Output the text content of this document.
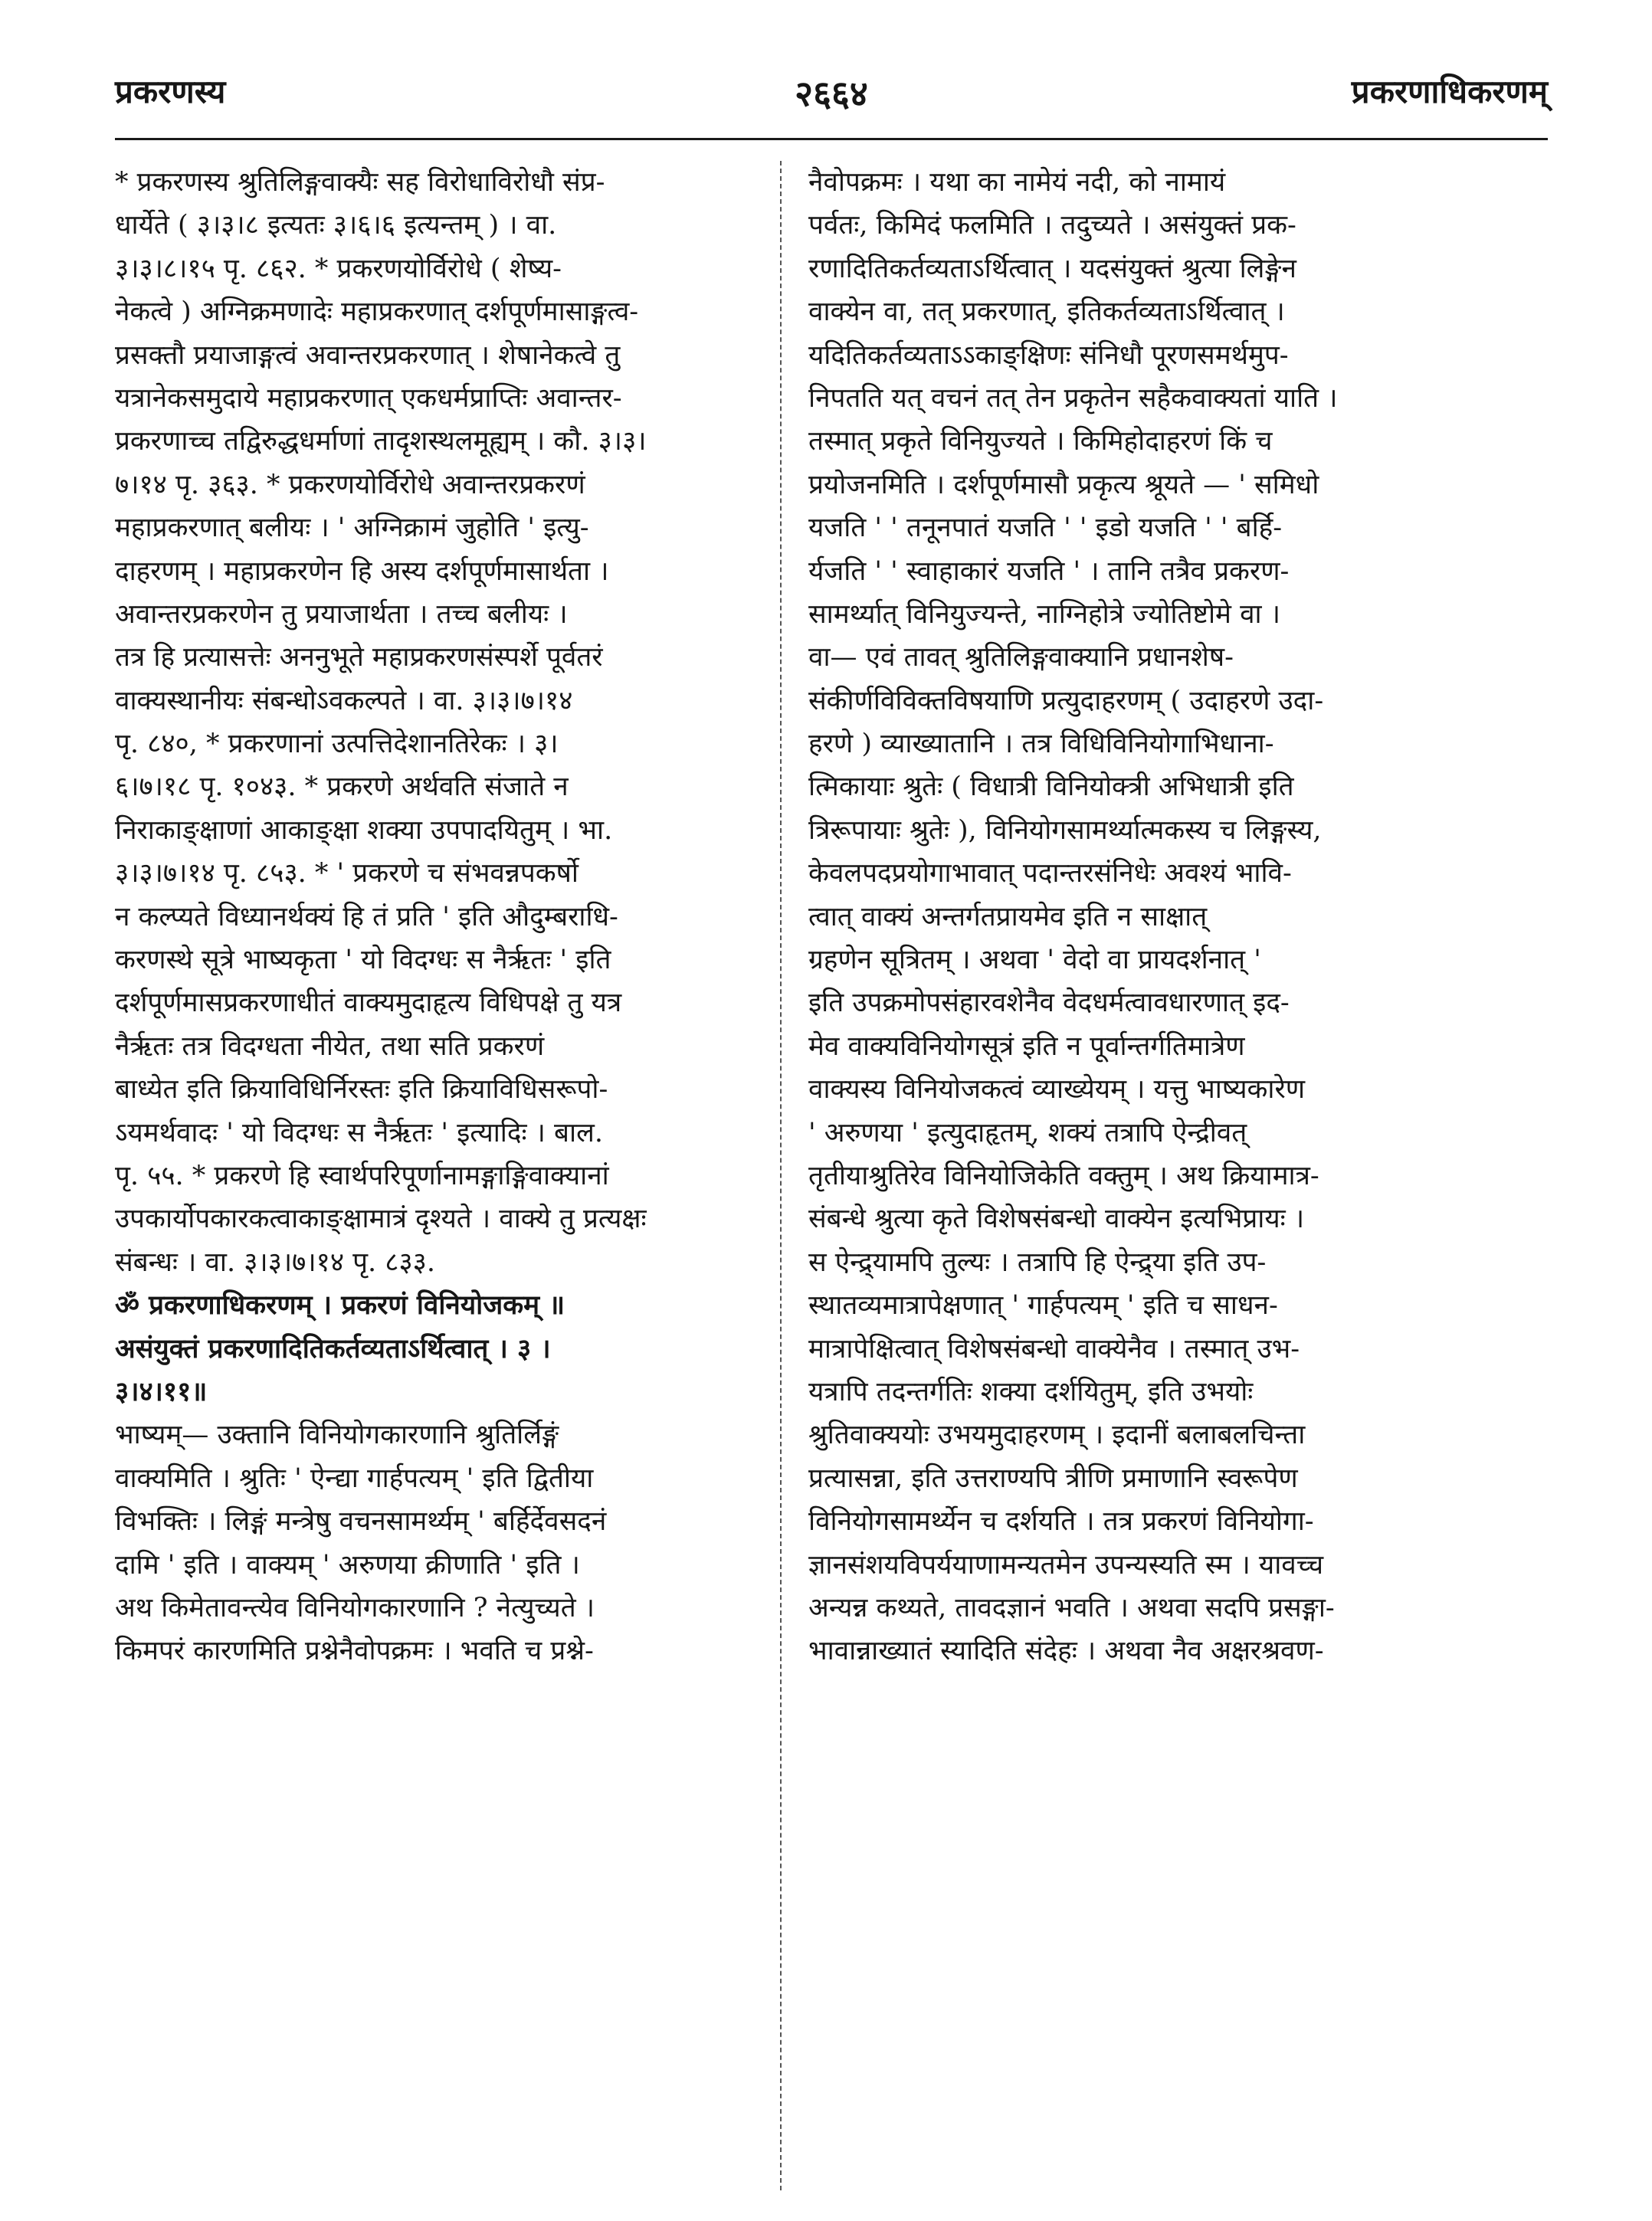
प्रकरणस्य	२६६४	प्रकरणाधिकरणम्
* प्रकरणस्य श्रुतिलिङ्गवाक्यैः सह विरोधाविरोधौ संप्र-
धार्येते ( ३।३।८ इत्यतः ३।६।६ इत्यन्तम् ) । वा.
३।३।८।१५ पृ. ८६२. * प्रकरणयोर्विरोधे ( शेष्य-
नेकत्वे ) अग्निक्रमणादेः महाप्रकरणात् दर्शपूर्णमासाङ्गत्व-
प्रसक्तौ प्रयाजाङ्गत्वं अवान्तरप्रकरणात् । शेषानेकत्वे तु
यत्रानेकसमुदाये महाप्रकरणात् एकधर्मप्राप्तिः अवान्तर-
प्रकरणाच्च तद्विरुद्धधर्माणां तादृशस्थलमूह्यम् । कौ. ३।३।
७।१४ पृ. ३६३. * प्रकरणयोर्विरोधे अवान्तरप्रकरणं
महाप्रकरणात् बलीयः । ' अग्निक्रामं जुहोति ' इत्यु-
दाहरणम् । महाप्रकरणेन हि अस्य दर्शपूर्णमासार्थता ।
अवान्तरप्रकरणेन तु प्रयाजार्थता । तच्च बलीयः ।
तत्र हि प्रत्यासत्तेः अननुभूते महाप्रकरणसंस्पर्शे पूर्वतरं
वाक्यस्थानीयः संबन्धोऽवकल्पते । वा. ३।३।७।१४
पृ. ८४०, * प्रकरणानां उत्पत्तिदेशानतिरेकः । ३।
६।७।१८ पृ. १०४३. * प्रकरणे अर्थवति संजाते न
निराकाङ्क्षाणां आकाङ्क्षा शक्या उपपादयितुम् । भा.
३।३।७।१४ पृ. ८५३. * ' प्रकरणे च संभवन्नपकर्षो
न कल्प्यते विध्यानर्थक्यं हि तं प्रति ' इति औदुम्बराधि-
करणस्थे सूत्रे भाष्यकृता ' यो विदग्धः स नैर्ऋतः ' इति
दर्शपूर्णमासप्रकरणाधीतं वाक्यमुदाहृत्य विधिपक्षे तु यत्र
नैर्ऋतः तत्र विदग्धता नीयेत, तथा सति प्रकरणं
बाध्येत इति क्रियाविधिर्निरस्तः इति क्रियाविधिसरूपो-
ऽयमर्थवादः ' यो विदग्धः स नैर्ऋतः ' इत्यादिः । बाल.
पृ. ५५. * प्रकरणे हि स्वार्थपरिपूर्णानामङ्गाङ्गिवाक्यानां
उपकार्योपकारकत्वाकाङ्क्षामात्रं दृश्यते । वाक्ये तु प्रत्यक्षः
संबन्धः । वा. ३।३।७।१४ पृ. ८३३.
ॐ प्रकरणाधिकरणम् । प्रकरणं विनियोजकम् ॥
असंयुक्तं प्रकरणादितिकर्तव्यताऽर्थित्वात् । ३ ।
३।४।११॥
भाष्यम्— उक्तानि विनियोगकारणानि श्रुतिर्लिङ्गं
वाक्यमिति । श्रुतिः ' ऐन्द्या गार्हपत्यम् ' इति द्वितीया
विभक्तिः । लिङ्गं मन्त्रेषु वचनसामर्थ्यम् ' बर्हिर्देवसदनं
दामि ' इति । वाक्यम् ' अरुणया क्रीणाति ' इति ।
अथ किमेतावन्त्येव विनियोगकारणानि ? नेत्युच्यते ।
किमपरं कारणमिति प्रश्नेनैवोपक्रमः । भवति च प्रश्ने-
नैवोपक्रमः । यथा का नामेयं नदी, को नामायं
पर्वतः, किमिदं फलमिति । तदुच्यते । असंयुक्तं प्रक-
रणादितिकर्तव्यताऽर्थित्वात् । यदसंयुक्तं श्रुत्या लिङ्गेन
वाक्येन वा, तत् प्रकरणात्, इतिकर्तव्यताऽर्थित्वात् ।
यदितिकर्तव्यताऽऽकाङ्क्षिणः संनिधौ पूरणसमर्थमुप-
निपतति यत् वचनं तत् तेन प्रकृतेन सहैकवाक्यतां याति ।
तस्मात् प्रकृते विनियुज्यते । किमिहोदाहरणं किं च
प्रयोजनमिति । दर्शपूर्णमासौ प्रकृत्य श्रूयते — ' समिधो
यजति ' ' तनूनपातं यजति ' ' इडो यजति ' ' बर्हि-
र्यजति ' ' स्वाहाकारं यजति ' । तानि तत्रैव प्रकरण-
सामर्थ्यात् विनियुज्यन्ते, नाग्निहोत्रे ज्योतिष्टोमे वा ।
वा— एवं तावत् श्रुतिलिङ्गवाक्यानि प्रधानशेष-
संकीर्णविविक्तविषयाणि प्रत्युदाहरणम् ( उदाहरणे उदा-
हरणे ) व्याख्यातानि । तत्र विधिविनियोगाभिधाना-
त्मिकायाः श्रुतेः ( विधात्री विनियोक्त्री अभिधात्री इति
त्रिरूपायाः श्रुतेः ), विनियोगसामर्थ्यात्मकस्य च लिङ्गस्य,
केवलपदप्रयोगाभावात् पदान्तरसंनिधेः अवश्यं भावि-
त्वात् वाक्यं अन्तर्गतप्रायमेव इति न साक्षात्
ग्रहणेन सूत्रितम् । अथवा ' वेदो वा प्रायदर्शनात् '
इति उपक्रमोपसंहारवशेनैव वेदधर्मत्वावधारणात् इद-
मेव वाक्यविनियोगसूत्रं इति न पूर्वान्तर्गतिमात्रेण
वाक्यस्य विनियोजकत्वं व्याख्येयम् । यत्तु भाष्यकारेण
' अरुणया ' इत्युदाहृतम्, शक्यं तत्रापि ऐन्द्रीवत्
तृतीयाश्रुतिरेव विनियोजिकेति वक्तुम् । अथ क्रियामात्र-
संबन्धे श्रुत्या कृते विशेषसंबन्धो वाक्येन इत्यभिप्रायः ।
स ऐन्द्र्यामपि तुल्यः । तत्रापि हि ऐन्द्र्या इति उप-
स्थातव्यमात्रापेक्षणात् ' गार्हपत्यम् ' इति च साधन-
मात्रापेक्षित्वात् विशेषसंबन्धो वाक्येनैव । तस्मात् उभ-
यत्रापि तदन्तर्गतिः शक्या दर्शयितुम्, इति उभयोः
श्रुतिवाक्ययोः उभयमुदाहरणम् । इदानीं बलाबलचिन्ता
प्रत्यासन्ना, इति उत्तराण्यपि त्रीणि प्रमाणानि स्वरूपेण
विनियोगसामर्थ्येन च दर्शयति । तत्र प्रकरणं विनियोगा-
ज्ञानसंशयविपर्ययाणामन्यतमेन उपन्यस्यति स्म । यावच्च
अन्यन्न कथ्यते, तावदज्ञानं भवति । अथवा सदपि प्रसङ्गा-
भावान्नाख्यातं स्यादिति संदेहः । अथवा नैव अक्षरश्रवण-
